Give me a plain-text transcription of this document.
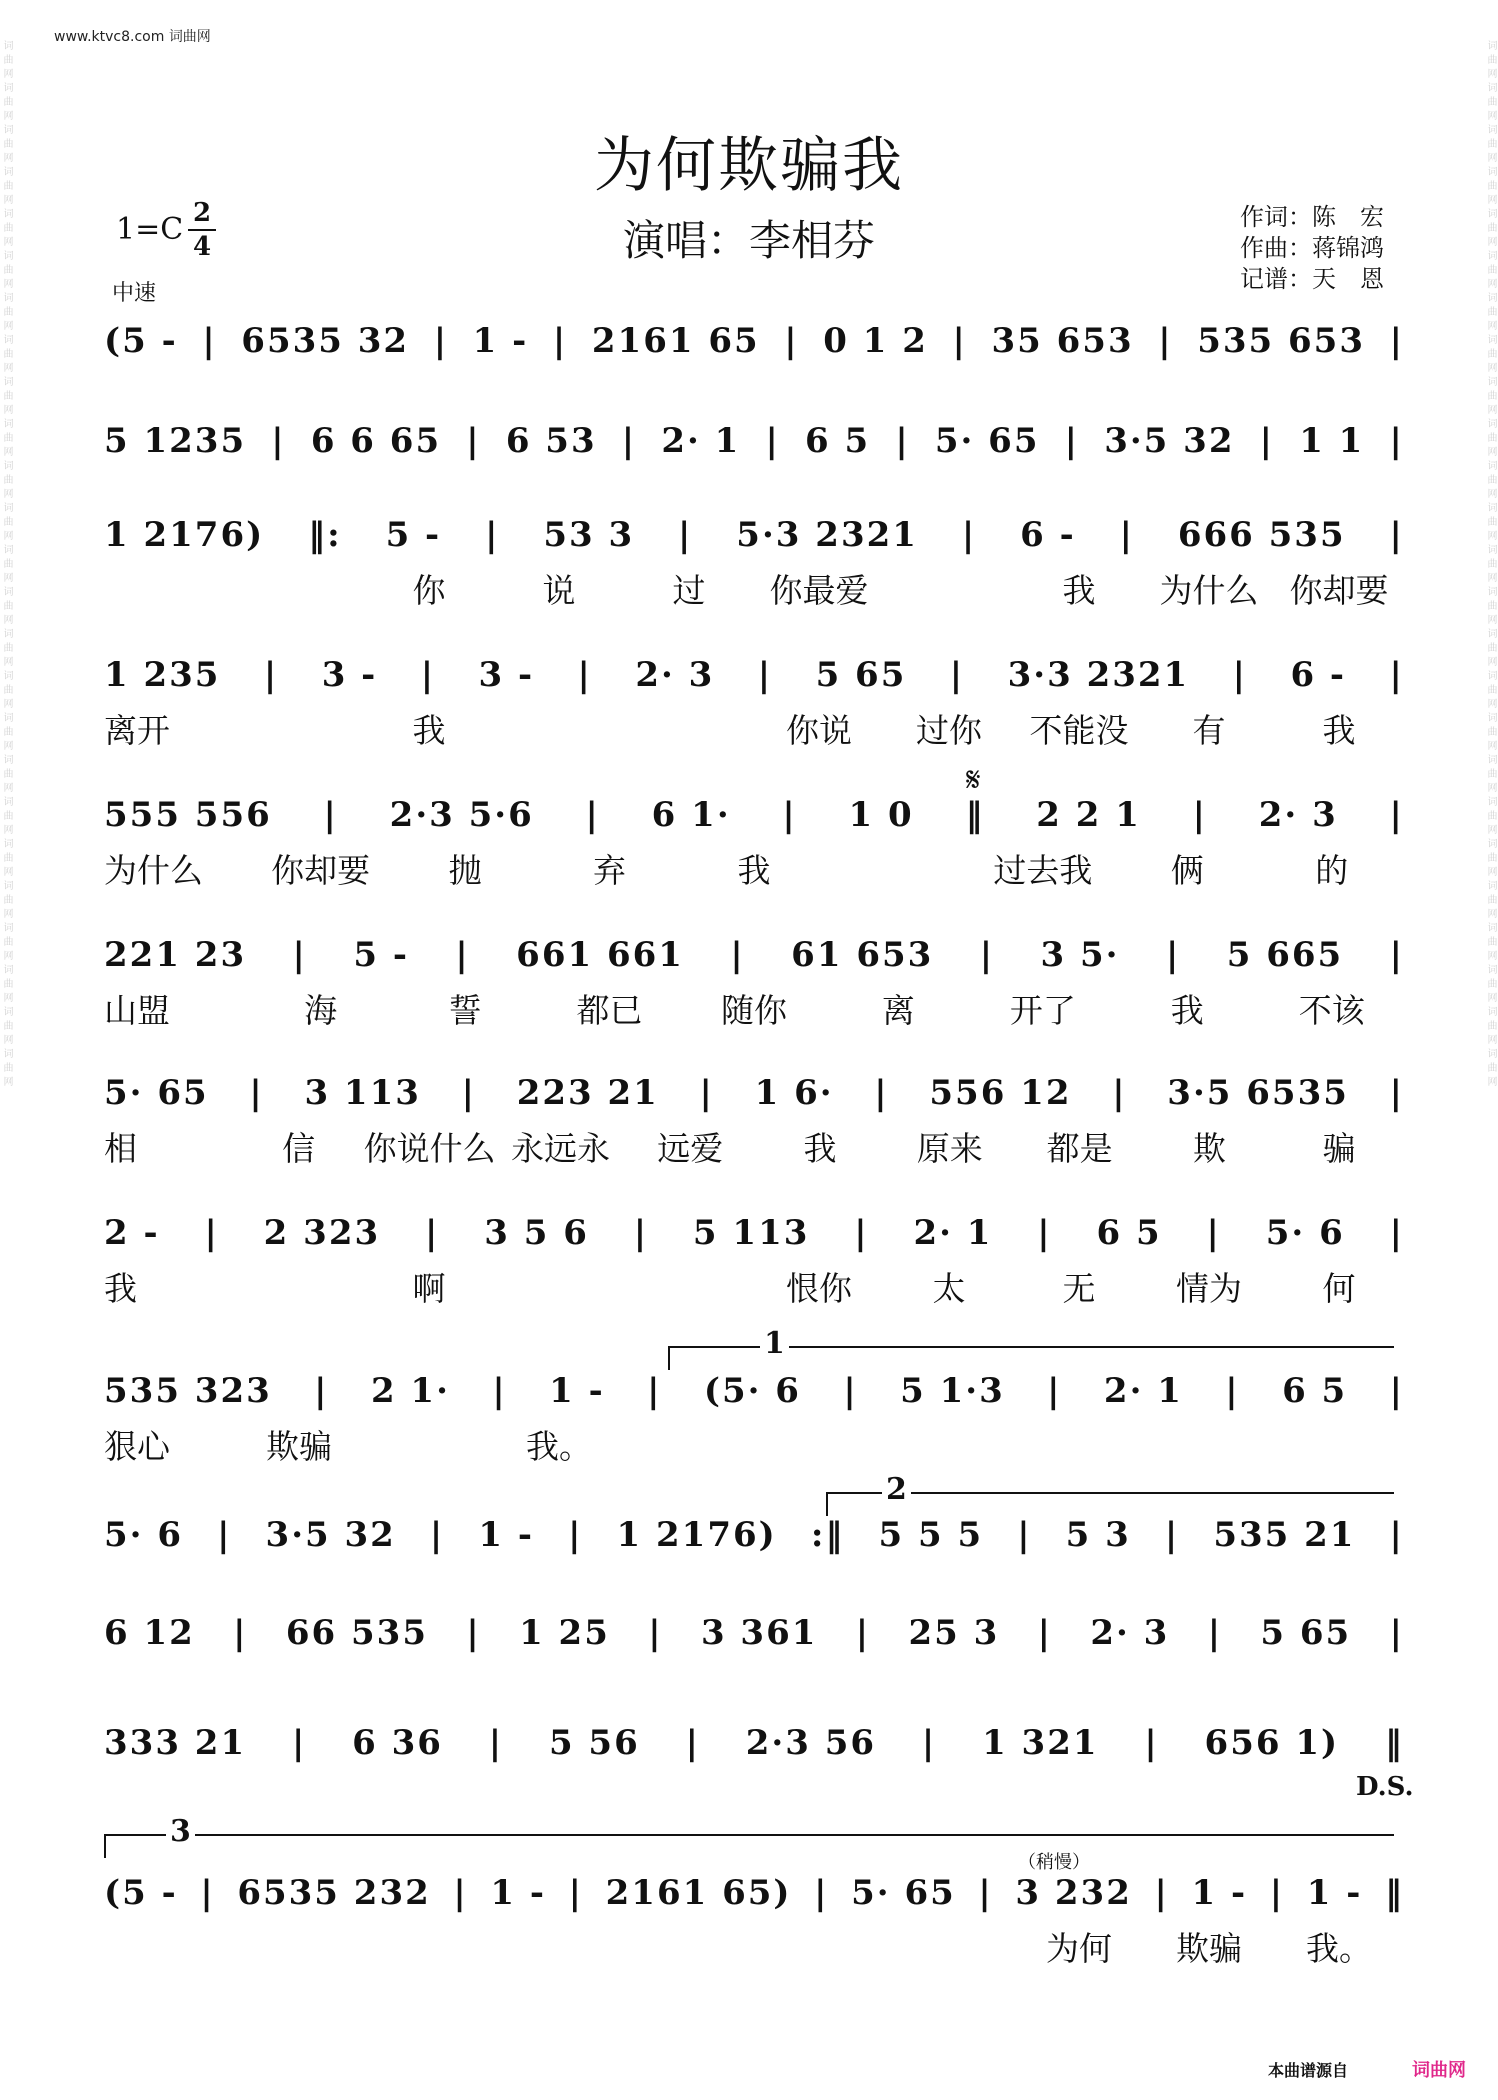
www.ktvc8.com 词曲网
词曲网词曲网词曲网词曲网词曲网词曲网词曲网词曲网词曲网词曲网词曲网词曲网词曲网词曲网词曲网词曲网词曲网词曲网词曲网词曲网词曲网词曲网词曲网词曲网词曲网	词曲网词曲网词曲网词曲网词曲网词曲网词曲网词曲网词曲网词曲网词曲网词曲网词曲网词曲网词曲网词曲网词曲网词曲网词曲网词曲网词曲网词曲网词曲网词曲网词曲网
为何欺骗我
演唱：李相芬
1=C 2
4
中速
作词：陈　宏
作曲：蒋锦鸿
记谱：天　恩
(5 - | 6535 32 | 1 - | 2161 65 | 0 1 2 | 35 653 | 535 653 |
5 1235 | 6 6 65 | 6 53 | 2· 1 | 6 5 | 5· 65 | 3·5 32 | 1 1 |
1 2176) ‖: 5 - | 53 3 | 5·3 2321 | 6 - | 666 535 |
你	说	过	你最爱	我	为什么 你却要
1 235 | 3 - | 3 - | 2· 3 | 5 65 | 3·3 2321 | 6 - |
离开	我	你说	过你	不能没	有	我
555 556 | 2·3 5·6 | 6 1· | 1 0 ‖ 2 2 1 | 2· 3 |
为什么	你却要	抛	弃	我	过去我	俩	的
221 23 | 5 - | 661 661 | 61 653 | 3 5· | 5 665 |
山盟	海	誓	都已	随你	离	开了	我	不该
5· 65 | 3 113 | 223 21 | 1 6· | 556 12 | 3·5 6535 |
相	信	你说什么 永远永	远爱	我	原来	都是	欺	骗
2 - | 2 323 | 3 5 6 | 5 113 | 2· 1 | 6 5 | 5· 6 |
我	啊	恨你	太	无	情为	何
535 323 | 2 1· | 1 - | (5· 6 | 5 1·3 | 2· 1 | 6 5 |
狠心	欺骗	我。
5· 6 | 3·5 32 | 1 - | 1 2176) :‖ 5 5 5 | 5 3 | 535 21 |
6 12 | 66 535 | 1 25 | 3 361 | 25 3 | 2· 3 | 5 65 |
333 21 | 6 36 | 5 56 | 2·3 56 | 1 321 | 656 1) ‖
(5 - | 6535 232 | 1 - | 2161 65) | 5· 65 | 3 232 | 1 - | 1 - ‖
为何	欺骗	我。
𝄋
1
2
D.S.
3
（稍慢）
本曲谱源自	词曲网
